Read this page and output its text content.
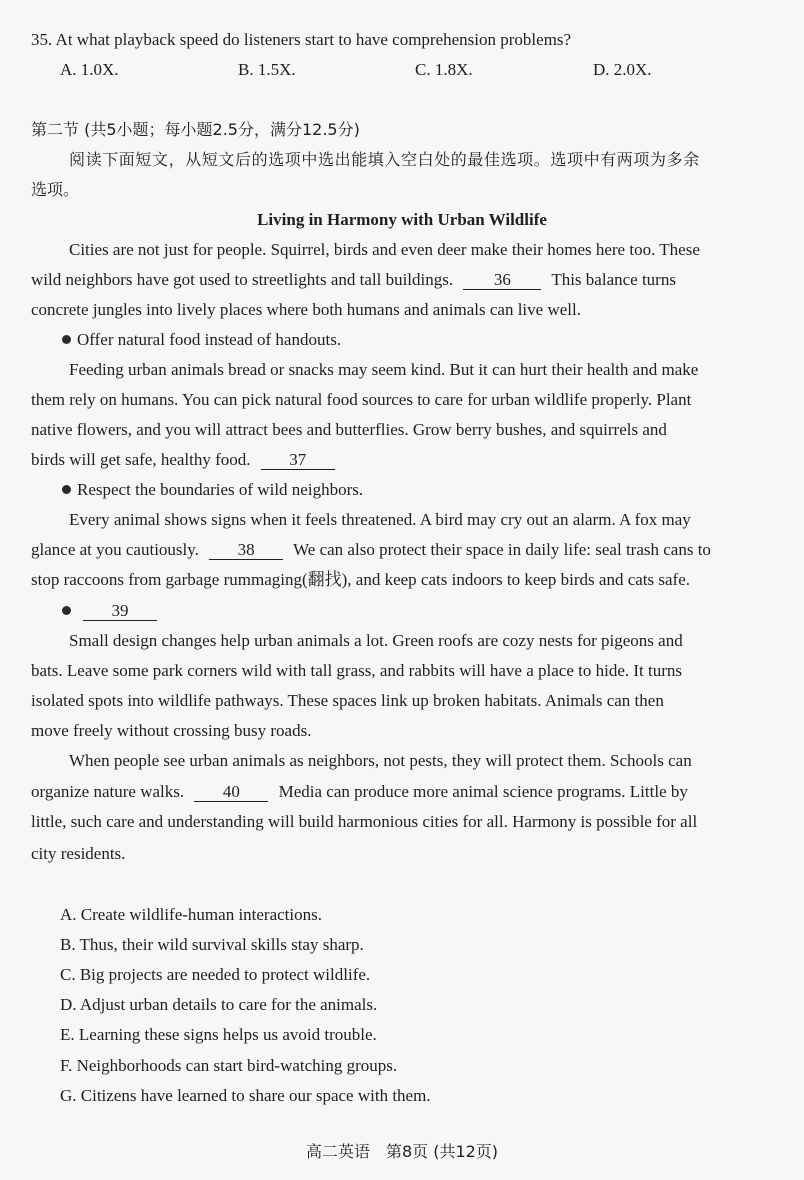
35. At what playback speed do listeners start to have comprehension problems?
A. 1.0X.	B. 1.5X.	C. 1.8X.	D. 2.0X.
第二节 (共5小题；每小题2.5分，满分12.5分)
阅读下面短文，从短文后的选项中选出能填入空白处的最佳选项。选项中有两项为多余
选项。
Living in Harmony with Urban Wildlife
Cities are not just for people. Squirrel, birds and even deer make their homes here too. These
wild neighbors have got used to streetlights and tall buildings. 36 This balance turns
concrete jungles into lively places where both humans and animals can live well.
Offer natural food instead of handouts.
Feeding urban animals bread or snacks may seem kind. But it can hurt their health and make
them rely on humans. You can pick natural food sources to care for urban wildlife properly. Plant
native flowers, and you will attract bees and butterflies. Grow berry bushes, and squirrels and
birds will get safe, healthy food. 37
Respect the boundaries of wild neighbors.
Every animal shows signs when it feels threatened. A bird may cry out an alarm. A fox may
glance at you cautiously. 38 We can also protect their space in daily life: seal trash cans to
stop raccoons from garbage rummaging(翻找), and keep cats indoors to keep birds and cats safe.
39
Small design changes help urban animals a lot. Green roofs are cozy nests for pigeons and
bats. Leave some park corners wild with tall grass, and rabbits will have a place to hide. It turns
isolated spots into wildlife pathways. These spaces link up broken habitats. Animals can then
move freely without crossing busy roads.
When people see urban animals as neighbors, not pests, they will protect them. Schools can
organize nature walks. 40 Media can produce more animal science programs. Little by
little, such care and understanding will build harmonious cities for all. Harmony is possible for all
city residents.
A. Create wildlife-human interactions.
B. Thus, their wild survival skills stay sharp.
C. Big projects are needed to protect wildlife.
D. Adjust urban details to care for the animals.
E. Learning these signs helps us avoid trouble.
F. Neighborhoods can start bird-watching groups.
G. Citizens have learned to share our space with them.
高二英语　第8页 (共12页)
